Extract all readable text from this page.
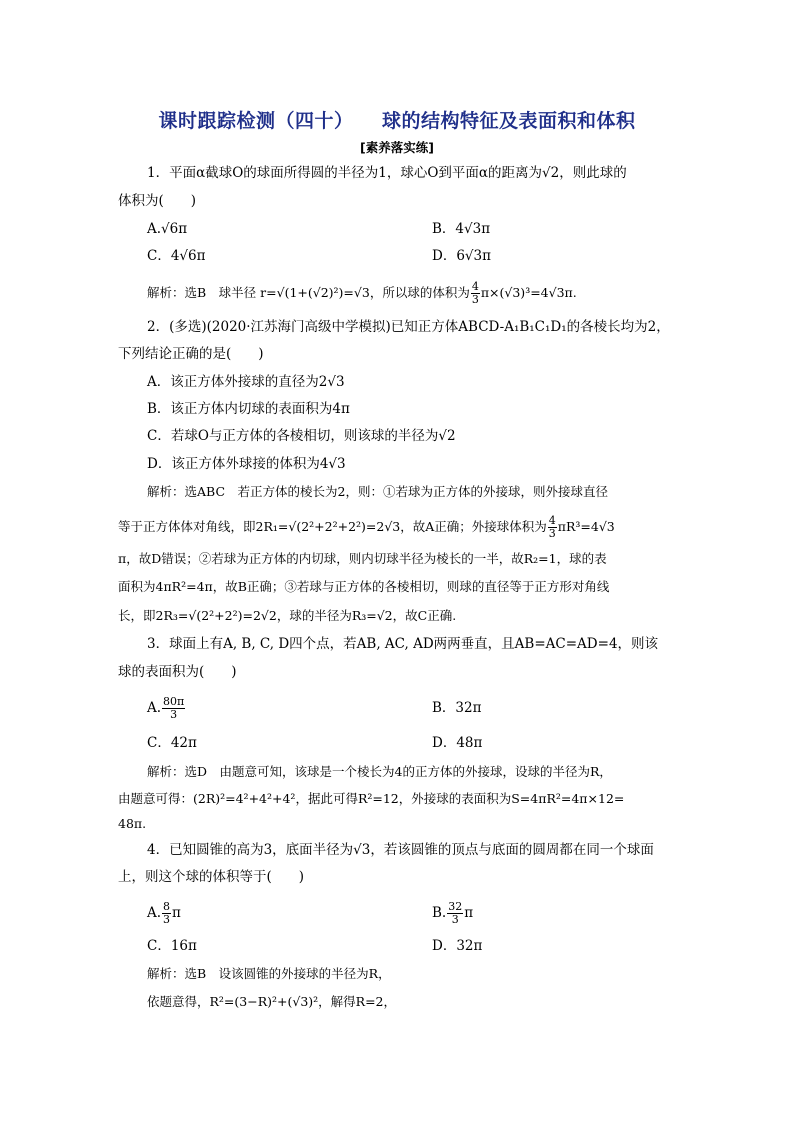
课时跟踪检测（四十）    球的结构特征及表面积和体积
[素养落实练]
1．平面α截球O的球面所得圆的半径为1，球心O到平面α的距离为√2，则此球的
体积为(　　)
A.√6π	B．4√3π
C．4√6π	D．6√3π
解析：选B　球半径 r=√(1+(√2)²)=√3，所以球的体积为 $\frac{4}{3} \pi\times(√3)^3=4√3\pi$.
2．(多选)(2020·江苏海门高级中学模拟)已知正方体ABCD-A₁B₁C₁D₁的各棱长均为2，
下列结论正确的是(　　)
A．该正方体外接球的直径为2√3
B．该正方体内切球的表面积为4π
C．若球O与正方体的各棱相切，则该球的半径为√2
D．该正方体外球接的体积为4√3
解析：选ABC　若正方体的棱长为2，则：①若球为正方体的外接球，则外接球直径
等于正方体体对角线，即2R₁=√(2²+2²+2²)=2√3，故A正确；外接球体积为 $\frac{4}{3} \pi R^3=4√3$
π，故D错误；②若球为正方体的内切球，则内切球半径为棱长的一半，故R₂=1，球的表
面积为4πR²=4π，故B正确；③若球与正方体的各棱相切，则球的直径等于正方形对角线
长，即2R₃=√(2²+2²)=2√2，球的半径为R₃=√2，故C正确.
3．球面上有A, B, C, D四个点，若AB, AC, AD两两垂直，且AB=AC=AD=4，则该
球的表面积为(　　)
A. $\frac{80\pi}{3}$	B．32π
C．42π	D．48π
解析：选D　由题意可知，该球是一个棱长为4的正方体的外接球，设球的半径为R，
由题意可得：(2R)²=4²+4²+4²，据此可得R²=12，外接球的表面积为S=4πR²=4π×12=
48π.
4．已知圆锥的高为3，底面半径为√3，若该圆锥的顶点与底面的圆周都在同一个球面
上，则这个球的体积等于(　　)
A. $\frac{8}{3}$ π	B. $\frac{32}{3}$ π
C．16π	D．32π
解析：选B　设该圆锥的外接球的半径为R，
依题意得，R²=(3−R)²+(√3)²，解得R=2，
